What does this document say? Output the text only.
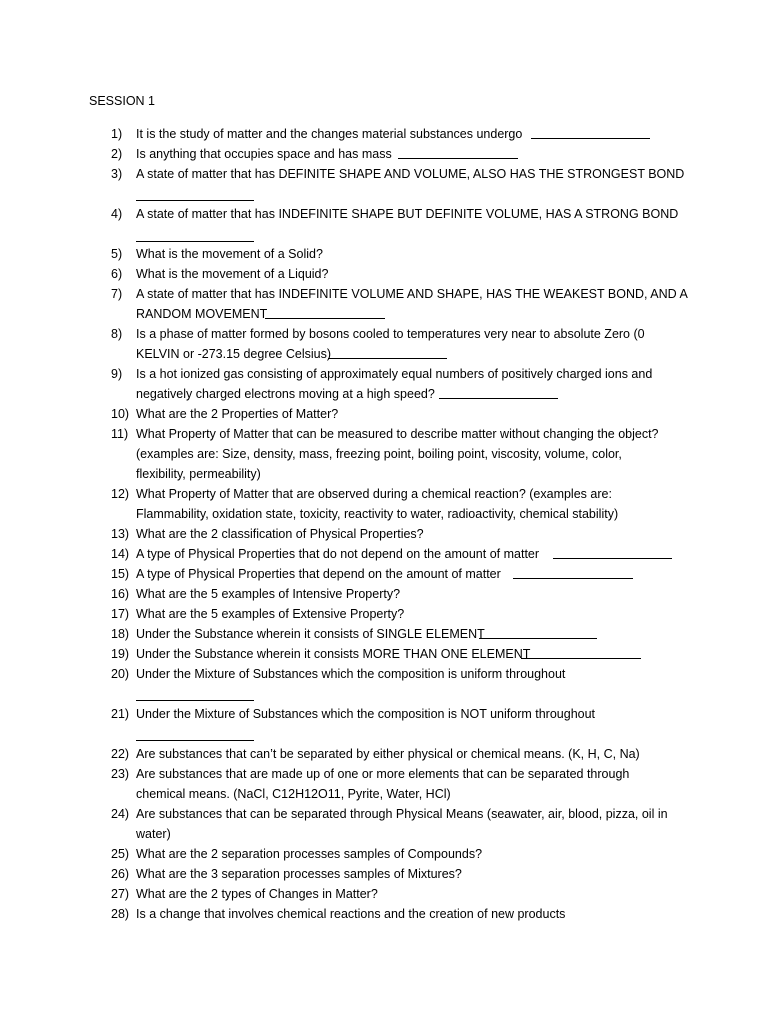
SESSION 1
1)	It is the study of matter and the changes material substances undergo
2)	Is anything that occupies space and has mass
3)	A state of matter that has DEFINITE SHAPE AND VOLUME, ALSO HAS THE STRONGEST BOND
4)	A state of matter that has INDEFINITE SHAPE BUT DEFINITE VOLUME, HAS A STRONG BOND
5)	What is the movement of a Solid?
6)	What is the movement of a Liquid?
7)	A state of matter that has INDEFINITE VOLUME AND SHAPE, HAS THE WEAKEST BOND, AND A
RANDOM MOVEMENT
8)	Is a phase of matter formed by bosons cooled to temperatures very near to absolute Zero (0
KELVIN or -273.15 degree Celsius)
9)	Is a hot ionized gas consisting of approximately equal numbers of positively charged ions and
negatively charged electrons moving at a high speed?
10) What are the 2 Properties of Matter?
11) What Property of Matter that can be measured to describe matter without changing the object?
(examples are: Size, density, mass, freezing point, boiling point, viscosity, volume, color,
flexibility, permeability)
12) What Property of Matter that are observed during a chemical reaction? (examples are:
Flammability, oxidation state, toxicity, reactivity to water, radioactivity, chemical stability)
13) What are the 2 classification of Physical Properties?
14) A type of Physical Properties that do not depend on the amount of matter
15) A type of Physical Properties that depend on the amount of matter
16) What are the 5 examples of Intensive Property?
17) What are the 5 examples of Extensive Property?
18) Under the Substance wherein it consists of SINGLE ELEMENT
19) Under the Substance wherein it consists MORE THAN ONE ELEMENT
20) Under the Mixture of Substances which the composition is uniform throughout
21) Under the Mixture of Substances which the composition is NOT uniform throughout
22) Are substances that can’t be separated by either physical or chemical means. (K, H, C, Na)
23) Are substances that are made up of one or more elements that can be separated through
chemical means. (NaCl, C12H12O11, Pyrite, Water, HCl)
24) Are substances that can be separated through Physical Means (seawater, air, blood, pizza, oil in
water)
25) What are the 2 separation processes samples of Compounds?
26) What are the 3 separation processes samples of Mixtures?
27) What are the 2 types of Changes in Matter?
28) Is a change that involves chemical reactions and the creation of new products
